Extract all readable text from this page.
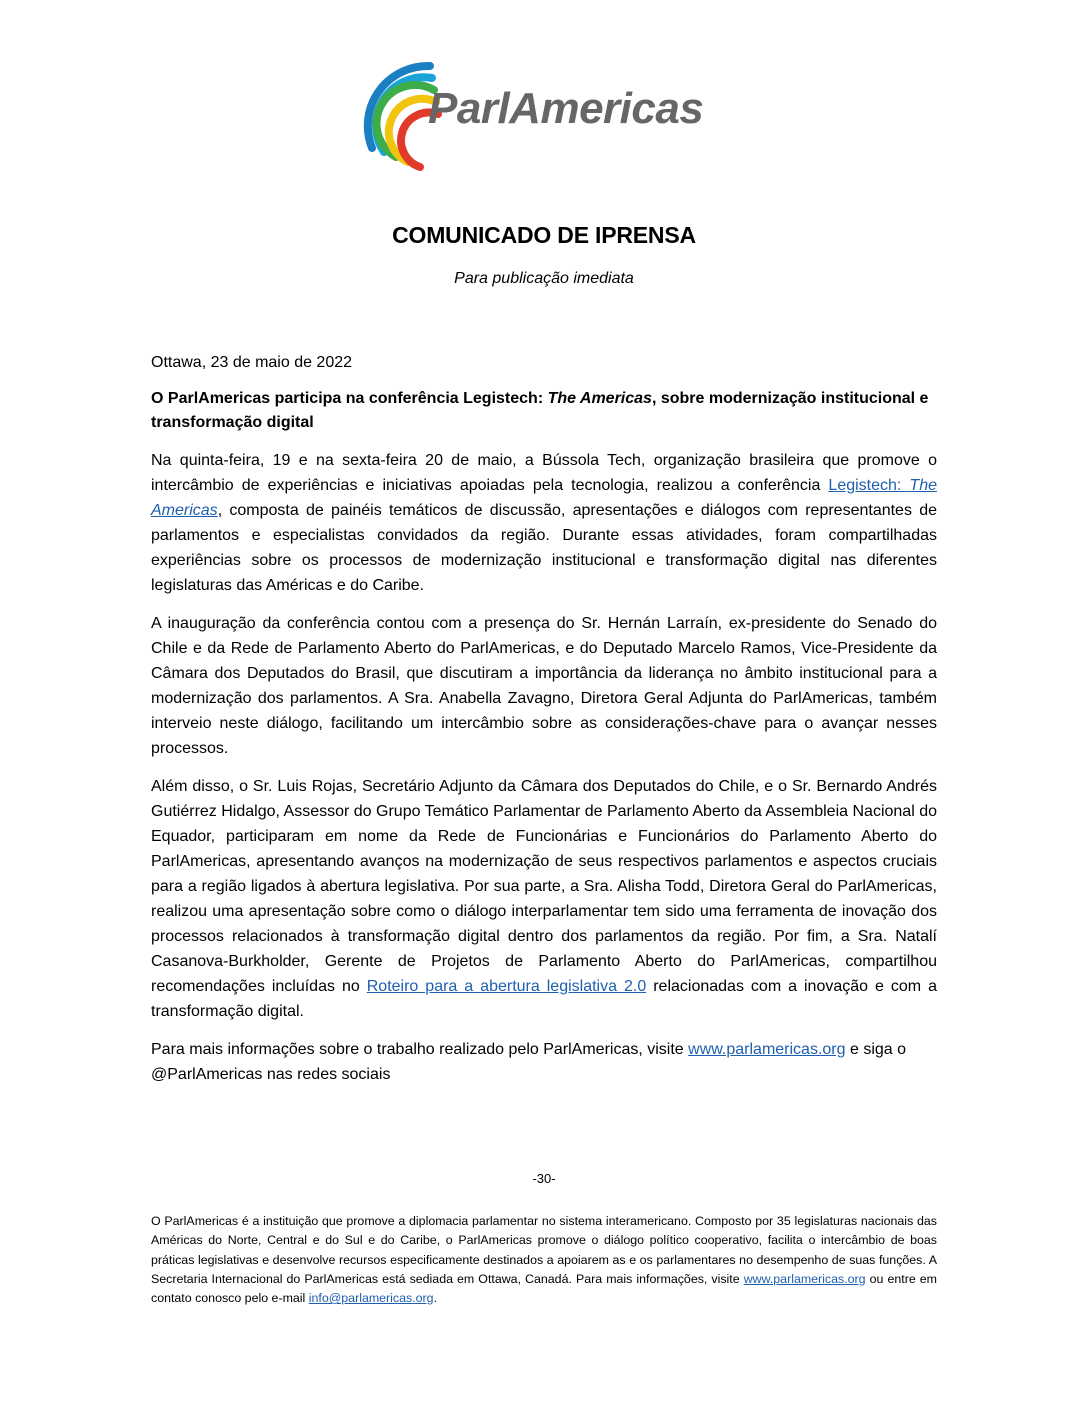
ParlAmericas
COMUNICADO DE IPRENSA
Para publicação imediata

Ottawa, 23 de maio de 2022

O ParlAmericas participa na conferência Legistech: The Americas, sobre modernização institucional e transformação digital

Na quinta-feira, 19 e na sexta-feira 20 de maio, a Bússola Tech, organização brasileira que promove o intercâmbio de experiências e iniciativas apoiadas pela tecnologia, realizou a conferência Legistech: The Americas, composta de painéis temáticos de discussão, apresentações e diálogos com representantes de parlamentos e especialistas convidados da região. Durante essas atividades, foram compartilhadas experiências sobre os processos de modernização institucional e transformação digital nas diferentes legislaturas das Américas e do Caribe.

A inauguração da conferência contou com a presença do Sr. Hernán Larraín, ex-presidente do Senado do Chile e da Rede de Parlamento Aberto do ParlAmericas, e do Deputado Marcelo Ramos, Vice-Presidente da Câmara dos Deputados do Brasil, que discutiram a importância da liderança no âmbito institucional para a modernização dos parlamentos. A Sra. Anabella Zavagno, Diretora Geral Adjunta do ParlAmericas, também interveio neste diálogo, facilitando um intercâmbio sobre as considerações-chave para o avançar nesses processos.

Além disso, o Sr. Luis Rojas, Secretário Adjunto da Câmara dos Deputados do Chile, e o Sr. Bernardo Andrés Gutiérrez Hidalgo, Assessor do Grupo Temático Parlamentar de Parlamento Aberto da Assembleia Nacional do Equador, participaram em nome da Rede de Funcionárias e Funcionários do Parlamento Aberto do ParlAmericas, apresentando avanços na modernização de seus respectivos parlamentos e aspectos cruciais para a região ligados à abertura legislativa. Por sua parte, a Sra. Alisha Todd, Diretora Geral do ParlAmericas, realizou uma apresentação sobre como o diálogo interparlamentar tem sido uma ferramenta de inovação dos processos relacionados à transformação digital dentro dos parlamentos da região. Por fim, a Sra. Natalí Casanova-Burkholder, Gerente de Projetos de Parlamento Aberto do ParlAmericas, compartilhou recomendações incluídas no Roteiro para a abertura legislativa 2.0 relacionadas com a inovação e com a transformação digital.

Para mais informações sobre o trabalho realizado pelo ParlAmericas, visite www.parlamericas.org e siga o @ParlAmericas nas redes sociais

-30-
O ParlAmericas é a instituição que promove a diplomacia parlamentar no sistema interamericano. Composto por 35 legislaturas nacionais das Américas do Norte, Central e do Sul e do Caribe, o ParlAmericas promove o diálogo político cooperativo, facilita o intercâmbio de boas práticas legislativas e desenvolve recursos especificamente destinados a apoiarem as e os parlamentares no desempenho de suas funções. A Secretaria Internacional do ParlAmericas está sediada em Ottawa, Canadá. Para mais informações, visite www.parlamericas.org ou entre em contato conosco pelo e-mail info@parlamericas.org.
